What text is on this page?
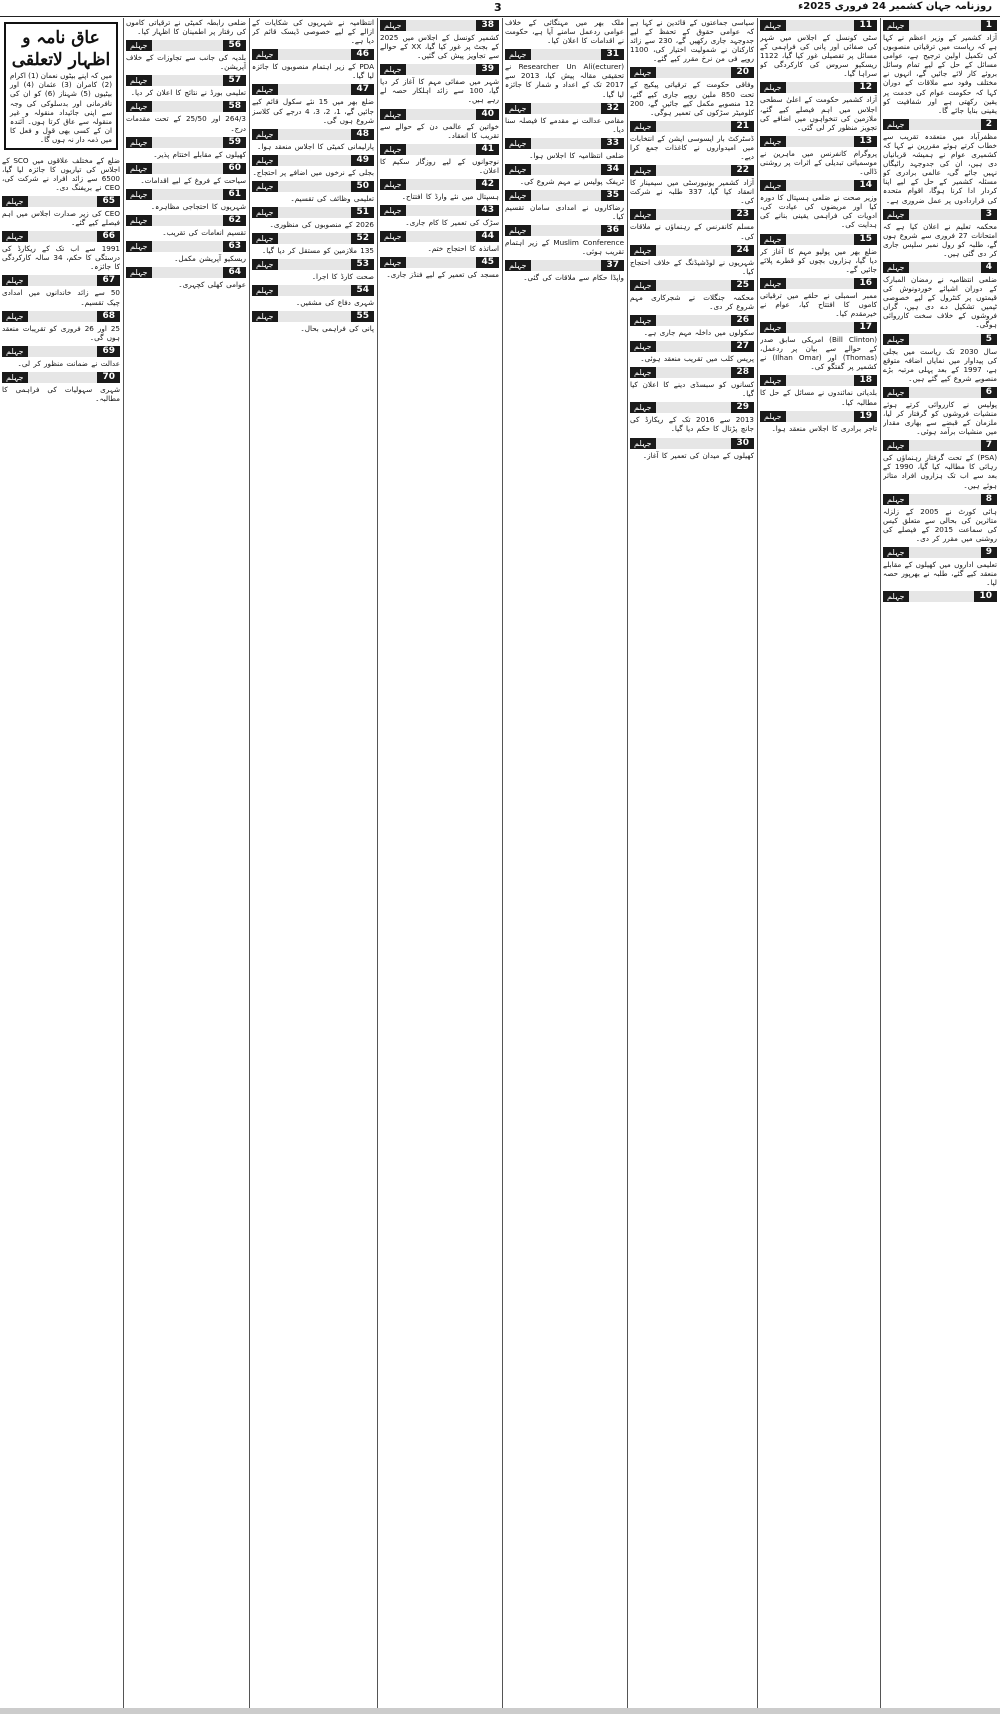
3	روزنامہ جہان کشمیر 24 فروری 2025ء
جہلم	1
آزاد کشمیر کے وزیر اعظم نے کہا ہے کہ ریاست میں ترقیاتی منصوبوں کی تکمیل اولین ترجیح ہے، عوامی مسائل کے حل کے لیے تمام وسائل بروئے کار لائے جائیں گے، انہوں نے مختلف وفود سے ملاقات کے دوران کہا کہ حکومت عوام کی خدمت پر یقین رکھتی ہے اور شفافیت کو یقینی بنایا جائے گا۔
جہلم	2
مظفرآباد میں منعقدہ تقریب سے خطاب کرتے ہوئے مقررین نے کہا کہ کشمیری عوام نے ہمیشہ قربانیاں دی ہیں، ان کی جدوجہد رائیگاں نہیں جائے گی، عالمی برادری کو مسئلہ کشمیر کے حل کے لیے اپنا کردار ادا کرنا ہوگا، اقوام متحدہ کی قراردادوں پر عمل ضروری ہے۔
جہلم	3
محکمہ تعلیم نے اعلان کیا ہے کہ امتحانات 27 فروری سے شروع ہوں گے، طلبہ کو رول نمبر سلپس جاری کر دی گئی ہیں۔
جہلم	4
ضلعی انتظامیہ نے رمضان المبارک کے دوران اشیائے خوردونوش کی قیمتوں پر کنٹرول کے لیے خصوصی ٹیمیں تشکیل دے دی ہیں، گراں فروشوں کے خلاف سخت کارروائی ہوگی۔
جہلم	5
سال 2030 تک ریاست میں بجلی کی پیداوار میں نمایاں اضافہ متوقع ہے، 1997 کے بعد پہلی مرتبہ بڑے منصوبے شروع کیے گئے ہیں۔
جہلم	6
پولیس نے کارروائی کرتے ہوئے منشیات فروشوں کو گرفتار کر لیا، ملزمان کے قبضے سے بھاری مقدار میں منشیات برآمد ہوئی۔
جہلم	7
(PSA) کے تحت گرفتار رہنماؤں کی رہائی کا مطالبہ کیا گیا، 1990 کے بعد سے اب تک ہزاروں افراد متاثر ہوئے ہیں۔
جہلم	8
ہائی کورٹ نے 2005 کے زلزلہ متاثرین کی بحالی سے متعلق کیس کی سماعت 2015 کے فیصلے کی روشنی میں مقرر کر دی۔
جہلم	9
تعلیمی اداروں میں کھیلوں کے مقابلے منعقد کیے گئے، طلبہ نے بھرپور حصہ لیا۔
جہلم	10
جہلم	11
سٹی کونسل کے اجلاس میں شہر کی صفائی اور پانی کی فراہمی کے مسائل پر تفصیلی غور کیا گیا، 1122 ریسکیو سروس کی کارکردگی کو سراہا گیا۔
جہلم	12
آزاد کشمیر حکومت کے اعلیٰ سطحی اجلاس میں اہم فیصلے کیے گئے، ملازمین کی تنخواہوں میں اضافے کی تجویز منظور کر لی گئی۔
جہلم	13
پروگرام کانفرنس میں ماہرین نے موسمیاتی تبدیلی کے اثرات پر روشنی ڈالی۔
جہلم	14
وزیر صحت نے ضلعی ہسپتال کا دورہ کیا اور مریضوں کی عیادت کی، ادویات کی فراہمی یقینی بنانے کی ہدایت کی۔
جہلم	15
ضلع بھر میں پولیو مہم کا آغاز کر دیا گیا، ہزاروں بچوں کو قطرے پلائے جائیں گے۔
جہلم	16
ممبر اسمبلی نے حلقے میں ترقیاتی کاموں کا افتتاح کیا، عوام نے خیرمقدم کیا۔
جہلم	17
(Bill Clinton) امریکی سابق صدر کے حوالے سے بیان پر ردعمل، (Thomas) اور (Ilhan Omar) نے کشمیر پر گفتگو کی۔
جہلم	18
بلدیاتی نمائندوں نے مسائل کے حل کا مطالبہ کیا۔
جہلم	19
تاجر برادری کا اجلاس منعقد ہوا۔
سیاسی جماعتوں کے قائدین نے کہا ہے کہ عوامی حقوق کے تحفظ کے لیے جدوجہد جاری رکھیں گے، 230 سے زائد کارکنان نے شمولیت اختیار کی، 1100 روپے فی من نرخ مقرر کیے گئے۔
جہلم	20
وفاقی حکومت کے ترقیاتی پیکیج کے تحت 850 ملین روپے جاری کیے گئے، 12 منصوبے مکمل کیے جائیں گے، 200 کلومیٹر سڑکوں کی تعمیر ہوگی۔
جہلم	21
ڈسٹرکٹ بار ایسوسی ایشن کے انتخابات میں امیدواروں نے کاغذات جمع کرا دیے۔
جہلم	22
آزاد کشمیر یونیورسٹی میں سیمینار کا انعقاد کیا گیا، 337 طلبہ نے شرکت کی۔
جہلم	23
مسلم کانفرنس کے رہنماؤں نے ملاقات کی۔
جہلم	24
شہریوں نے لوڈشیڈنگ کے خلاف احتجاج کیا۔
جہلم	25
محکمہ جنگلات نے شجرکاری مہم شروع کر دی۔
جہلم	26
سکولوں میں داخلہ مہم جاری ہے۔
جہلم	27
پریس کلب میں تقریب منعقد ہوئی۔
جہلم	28
کسانوں کو سبسڈی دینے کا اعلان کیا گیا۔
جہلم	29
2013 سے 2016 تک کے ریکارڈ کی جانچ پڑتال کا حکم دیا گیا۔
جہلم	30
کھیلوں کے میدان کی تعمیر کا آغاز۔
ملک بھر میں مہنگائی کے خلاف عوامی ردعمل سامنے آیا ہے، حکومت نے اقدامات کا اعلان کیا۔
جہلم	31
Researcher Un Ali(ecturer) نے تحقیقی مقالہ پیش کیا، 2013 سے 2017 تک کے اعداد و شمار کا جائزہ لیا گیا۔
جہلم	32
مقامی عدالت نے مقدمے کا فیصلہ سنا دیا۔
جہلم	33
ضلعی انتظامیہ کا اجلاس ہوا۔
جہلم	34
ٹریفک پولیس نے مہم شروع کی۔
جہلم	35
رضاکاروں نے امدادی سامان تقسیم کیا۔
جہلم	36
Muslim Conference کے زیر اہتمام تقریب ہوئی۔
جہلم	37
واپڈا حکام سے ملاقات کی گئی۔
جہلم	38
کشمیر کونسل کے اجلاس میں 2025 کے بجٹ پر غور کیا گیا، XX کے حوالے سے تجاویز پیش کی گئیں۔
جہلم	39
شہر میں صفائی مہم کا آغاز کر دیا گیا، 100 سے زائد اہلکار حصہ لے رہے ہیں۔
جہلم	40
خواتین کے عالمی دن کے حوالے سے تقریب کا انعقاد۔
جہلم	41
نوجوانوں کے لیے روزگار سکیم کا اعلان۔
جہلم	42
ہسپتال میں نئے وارڈ کا افتتاح۔
جہلم	43
سڑک کی تعمیر کا کام جاری۔
جہلم	44
اساتذہ کا احتجاج ختم۔
جہلم	45
مسجد کی تعمیر کے لیے فنڈز جاری۔
انتظامیہ نے شہریوں کی شکایات کے ازالے کے لیے خصوصی ڈیسک قائم کر دیا ہے۔
جہلم	46
PDA کے زیر اہتمام منصوبوں کا جائزہ لیا گیا۔
جہلم	47
ضلع بھر میں 15 نئے سکول قائم کیے جائیں گے، 1، 2، 3، 4 درجے کی کلاسز شروع ہوں گی۔
جہلم	48
پارلیمانی کمیٹی کا اجلاس منعقد ہوا۔
جہلم	49
بجلی کے نرخوں میں اضافے پر احتجاج۔
جہلم	50
تعلیمی وظائف کی تقسیم۔
جہلم	51
2026 کے منصوبوں کی منظوری۔
جہلم	52
135 ملازمین کو مستقل کر دیا گیا۔
جہلم	53
صحت کارڈ کا اجرا۔
جہلم	54
شہری دفاع کی مشقیں۔
جہلم	55
پانی کی فراہمی بحال۔
ضلعی رابطہ کمیٹی نے ترقیاتی کاموں کی رفتار پر اطمینان کا اظہار کیا۔
جہلم	56
بلدیہ کی جانب سے تجاوزات کے خلاف آپریشن۔
جہلم	57
تعلیمی بورڈ نے نتائج کا اعلان کر دیا۔
جہلم	58
264/3 اور 25/50 کے تحت مقدمات درج۔
جہلم	59
کھیلوں کے مقابلے اختتام پذیر۔
جہلم	60
سیاحت کے فروغ کے لیے اقدامات۔
جہلم	61
شہریوں کا احتجاجی مظاہرہ۔
جہلم	62
تقسیم انعامات کی تقریب۔
جہلم	63
ریسکیو آپریشن مکمل۔
جہلم	64
عوامی کھلی کچہری۔
عاق نامہ و اظہار لاتعلقی
میں کہ اپنے بیٹوں نعمان (1) اکرام (2) کامران (3) عثمان (4) اور بیٹیوں (5) شہناز (6) کو ان کی نافرمانی اور بدسلوکی کی وجہ سے اپنی جائیداد منقولہ و غیر منقولہ سے عاق کرتا ہوں۔ آئندہ ان کے کسی بھی قول و فعل کا میں ذمہ دار نہ ہوں گا۔
ضلع کے مختلف علاقوں میں SCO کے اجلاس کی تیاریوں کا جائزہ لیا گیا، 6500 سے زائد افراد نے شرکت کی، CEO نے بریفنگ دی۔
جہلم	65
CEO کی زیر صدارت اجلاس میں اہم فیصلے کیے گئے۔
جہلم	66
1991 سے اب تک کے ریکارڈ کی درستگی کا حکم، 34 سالہ کارکردگی کا جائزہ۔
جہلم	67
50 سے زائد خاندانوں میں امدادی چیک تقسیم۔
جہلم	68
25 اور 26 فروری کو تقریبات منعقد ہوں گی۔
جہلم	69
عدالت نے ضمانت منظور کر لی۔
جہلم	70
شہری سہولیات کی فراہمی کا مطالبہ۔
